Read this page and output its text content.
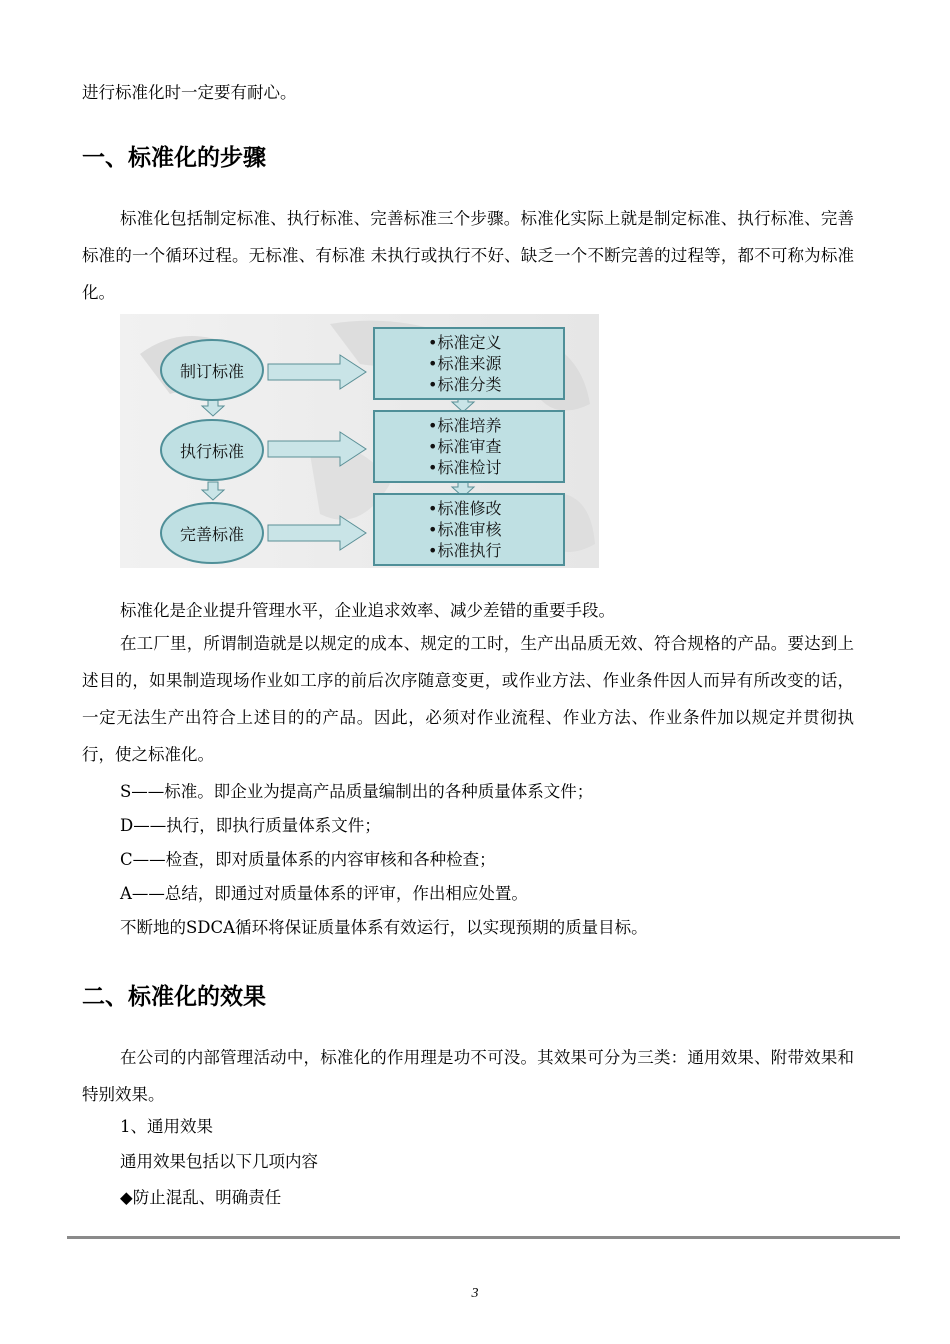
进行标准化时一定要有耐心。

一、标准化的步骤

标准化包括制定标准、执行标准、完善标准三个步骤。标准化实际上就是制定标准、执行标准、完善标准的一个循环过程。无标准、有标准 未执行或执行不好、缺乏一个不断完善的过程等，都不可称为标准化。

制订标准
执行标准
完善标准
•标准定义
•标准来源
•标准分类
•标准培养
•标准审查
•标准检讨
•标准修改
•标准审核
•标准执行

标准化是企业提升管理水平，企业追求效率、减少差错的重要手段。

在工厂里，所谓制造就是以规定的成本、规定的工时，生产出品质无效、符合规格的产品。要达到上述目的，如果制造现场作业如工序的前后次序随意变更，或作业方法、作业条件因人而异有所改变的话，一定无法生产出符合上述目的的产品。因此，必须对作业流程、作业方法、作业条件加以规定并贯彻执行，使之标准化。

S——标准。即企业为提高产品质量编制出的各种质量体系文件；

D——执行，即执行质量体系文件；

C——检查，即对质量体系的内容审核和各种检查；

A——总结，即通过对质量体系的评审，作出相应处置。

不断地的SDCA循环将保证质量体系有效运行，以实现预期的质量目标。

二、标准化的效果

在公司的内部管理活动中，标准化的作用理是功不可没。其效果可分为三类：通用效果、附带效果和特别效果。

1、通用效果

通用效果包括以下几项内容

◆防止混乱、明确责任

3
